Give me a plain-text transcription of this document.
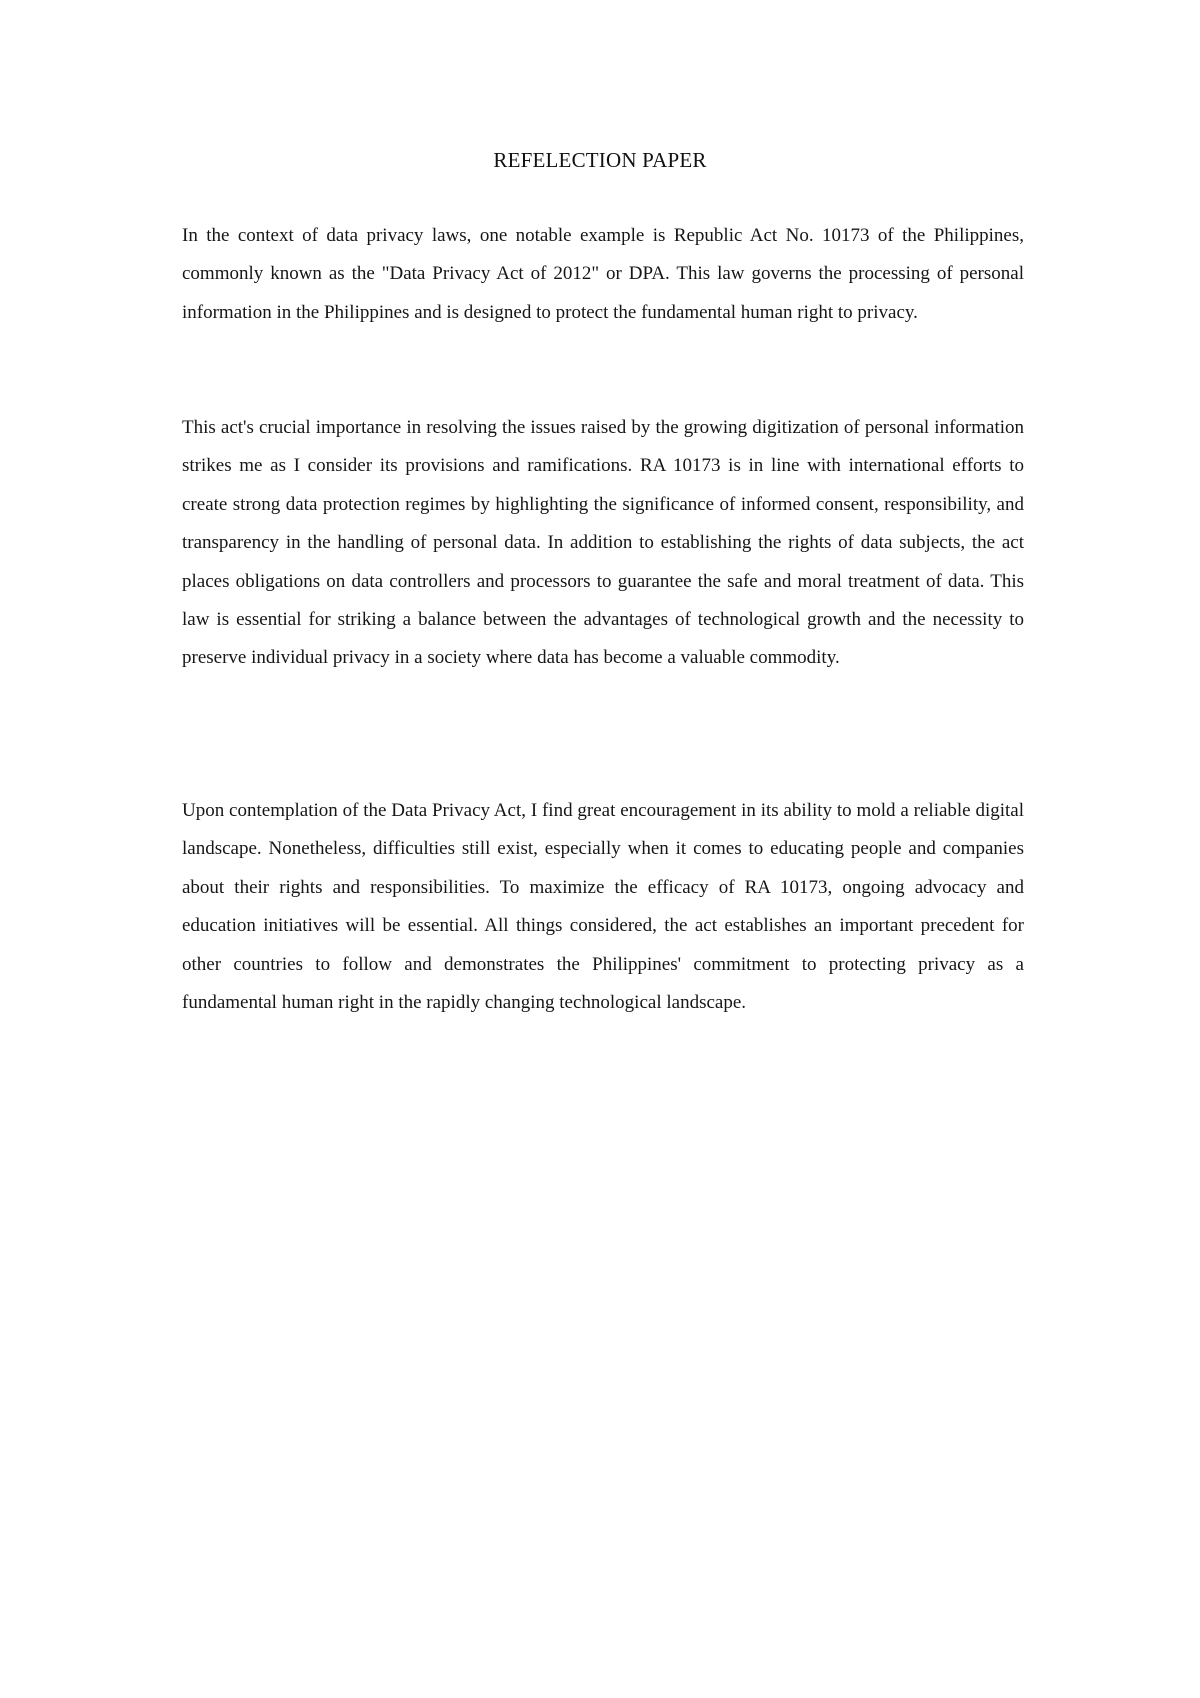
REFELECTION PAPER

In the context of data privacy laws, one notable example is Republic Act No. 10173 of the Philippines, commonly known as the "Data Privacy Act of 2012" or DPA. This law governs the processing of personal information in the Philippines and is designed to protect the fundamental human right to privacy.

This act's crucial importance in resolving the issues raised by the growing digitization of personal information strikes me as I consider its provisions and ramifications. RA 10173 is in line with international efforts to create strong data protection regimes by highlighting the significance of informed consent, responsibility, and transparency in the handling of personal data. In addition to establishing the rights of data subjects, the act places obligations on data controllers and processors to guarantee the safe and moral treatment of data. This law is essential for striking a balance between the advantages of technological growth and the necessity to preserve individual privacy in a society where data has become a valuable commodity.

Upon contemplation of the Data Privacy Act, I find great encouragement in its ability to mold a reliable digital landscape. Nonetheless, difficulties still exist, especially when it comes to educating people and companies about their rights and responsibilities. To maximize the efficacy of RA 10173, ongoing advocacy and education initiatives will be essential. All things considered, the act establishes an important precedent for other countries to follow and demonstrates the Philippines' commitment to protecting privacy as a fundamental human right in the rapidly changing technological landscape.
